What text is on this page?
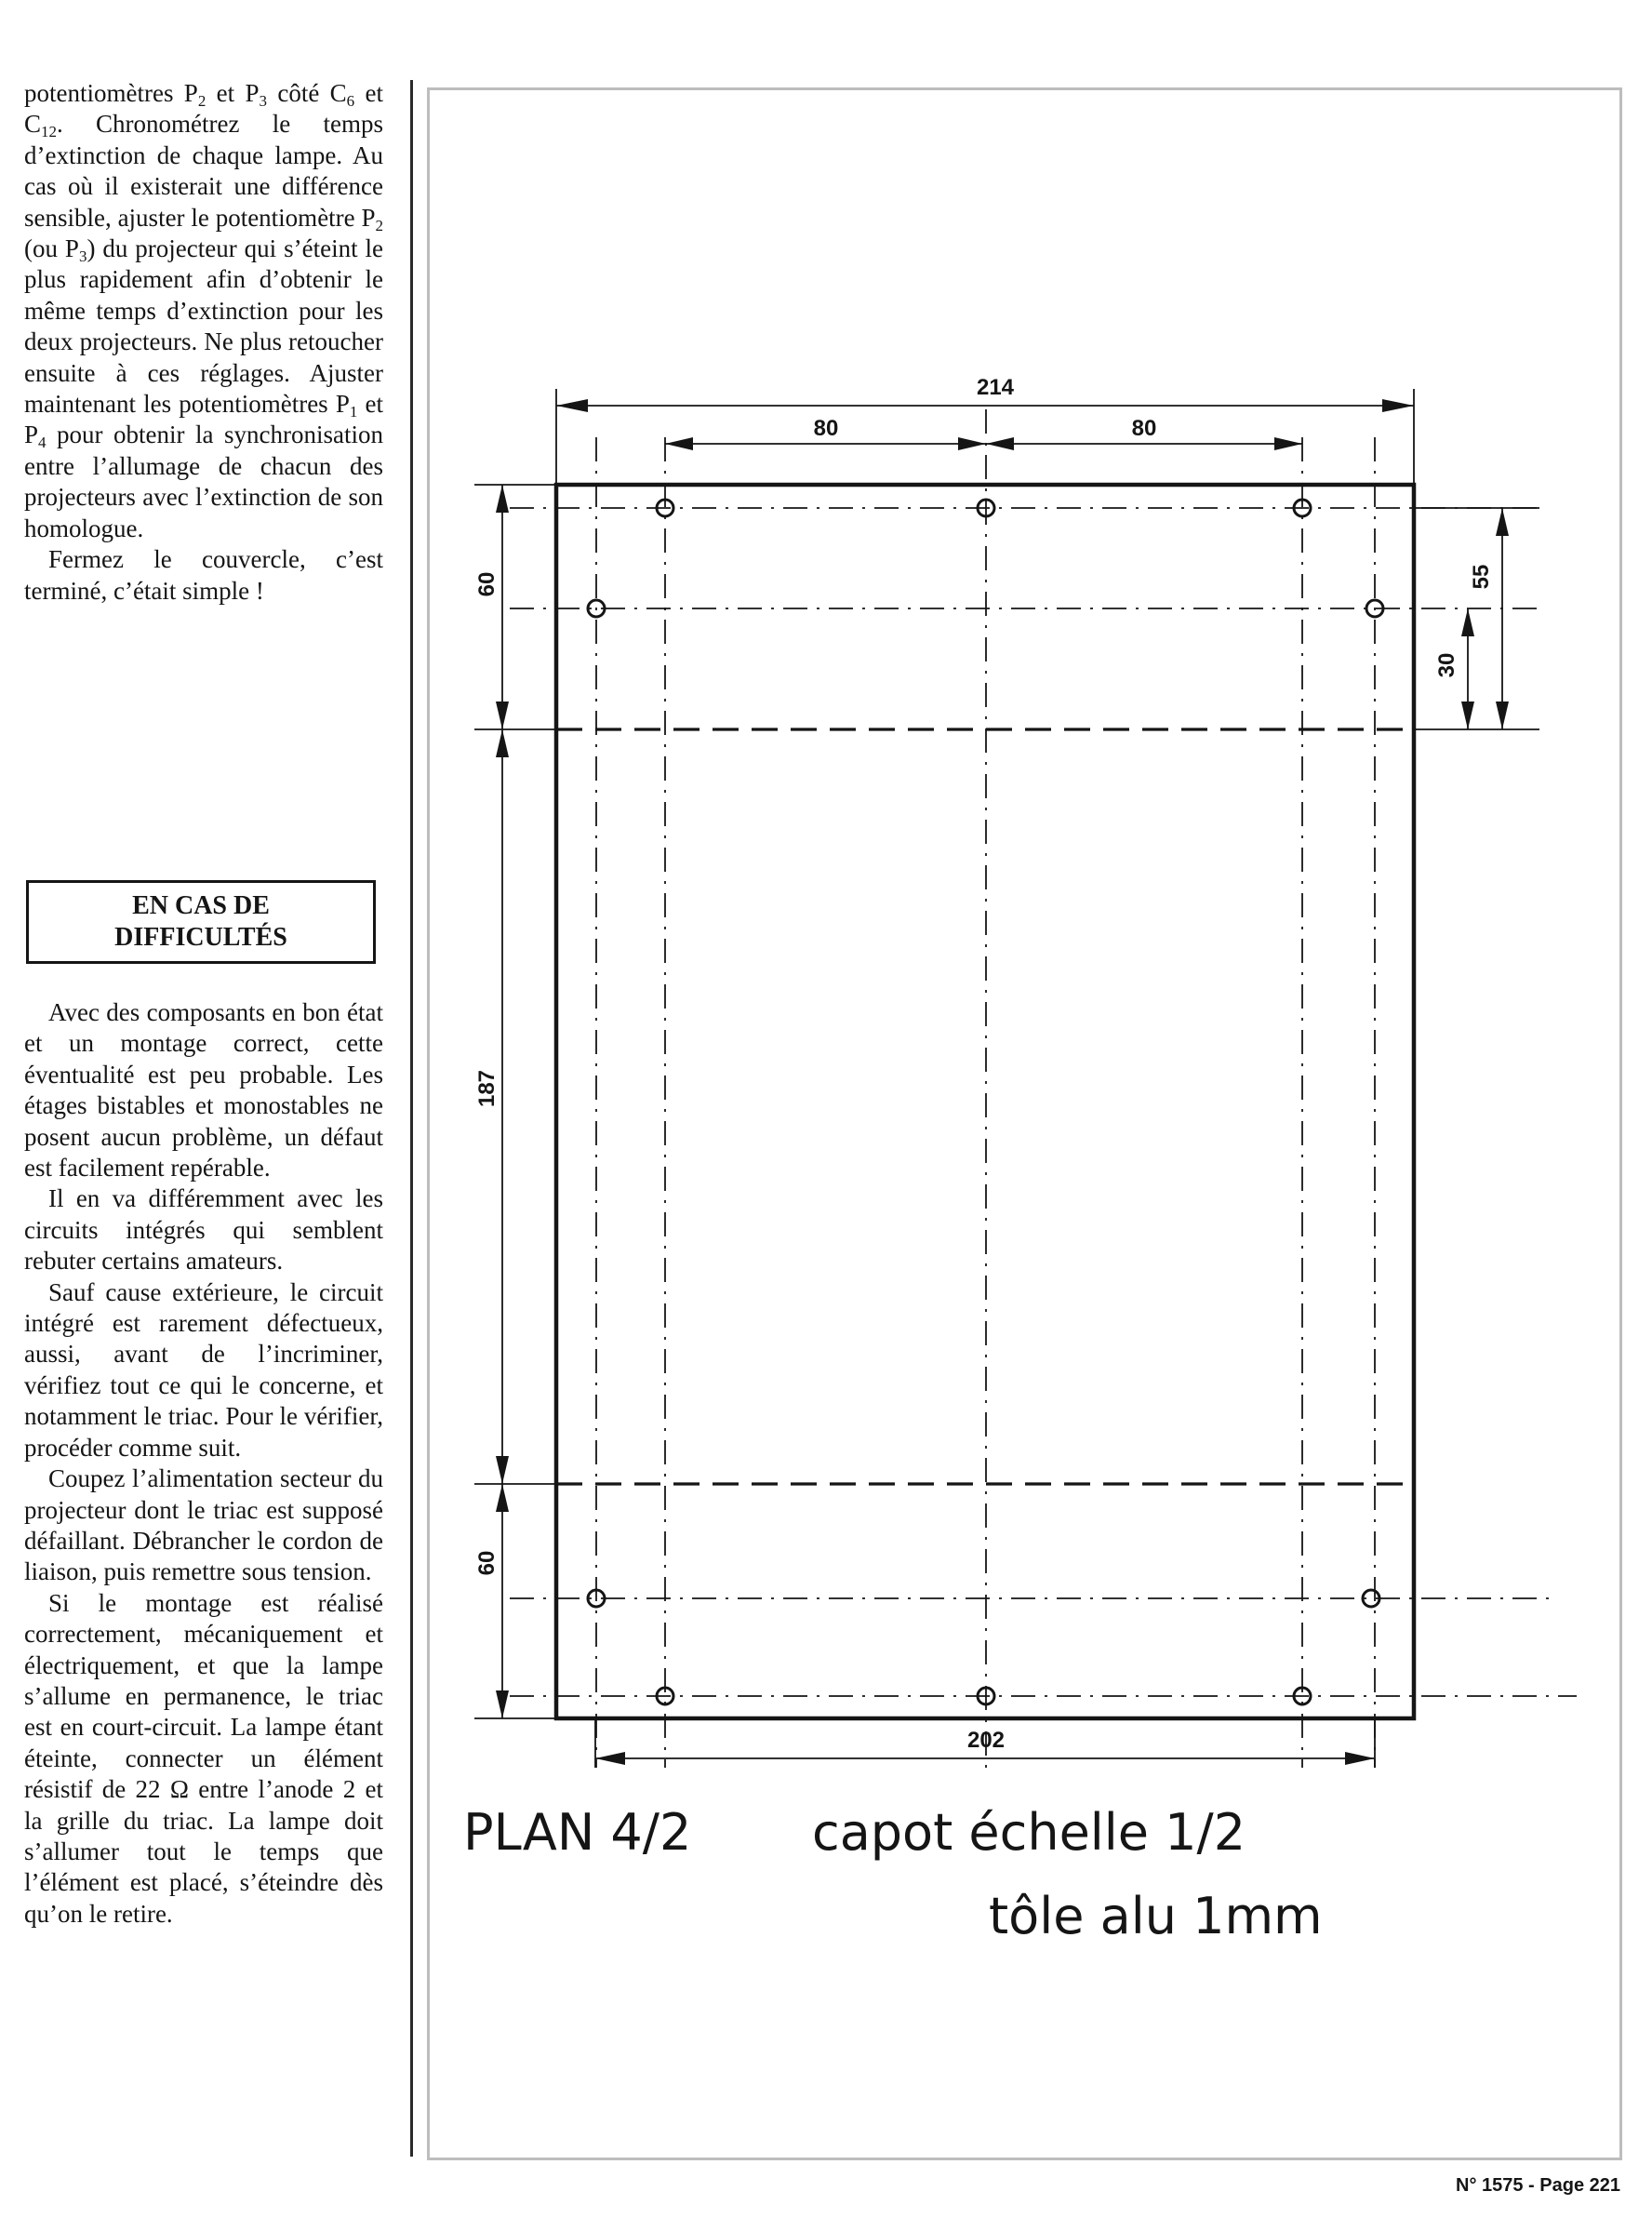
potentiomètres $P_2$ et $P_3$ côté $C_6$ et $C_{12}$. Chronométrez le temps d’extinction de chaque lampe. Au cas où il existerait une différence sensible, ajuster le potentiomètre $P_2$ (ou $P_3$) du projecteur qui s’éteint le plus rapidement afin d’obtenir le même temps d’extinction pour les deux projecteurs. Ne plus retoucher ensuite à ces réglages. Ajuster maintenant les potentiomètres $P_1$ et $P_4$ pour obtenir la synchronisation entre l’allumage de chacun des projecteurs avec l’extinction de son homologue.

Fermez le couvercle, c’est terminé, c’était simple !

EN CAS DE
DIFFICULTÉS

Avec des composants en bon état et un montage correct, cette éventualité est peu probable. Les étages bistables et monostables ne posent aucun problème, un défaut est facilement repérable.

Il en va différemment avec les circuits intégrés qui semblent rebuter certains amateurs.

Sauf cause extérieure, le circuit intégré est rarement défectueux, aussi, avant de l’incriminer, vérifiez tout ce qui le concerne, et notamment le triac. Pour le vérifier, procéder comme suit.

Coupez l’alimentation secteur du projecteur dont le triac est supposé défaillant. Débrancher le cordon de liaison, puis remettre sous tension.

Si le montage est réalisé correctement, mécaniquement et électriquement, et que la lampe s’allume en permanence, le triac est en court-circuit. La lampe étant éteinte, connecter un élément résistif de 22 Ω entre l’anode 2 et la grille du triac. La lampe doit s’allumer tout le temps que l’élément est placé, s’éteindre dès qu’on le retire.

214
80	80
202
60
187
60
55
30
PLAN 4/2 capot échelle 1/2
tôle alu 1mm
N° 1575 - Page 221
